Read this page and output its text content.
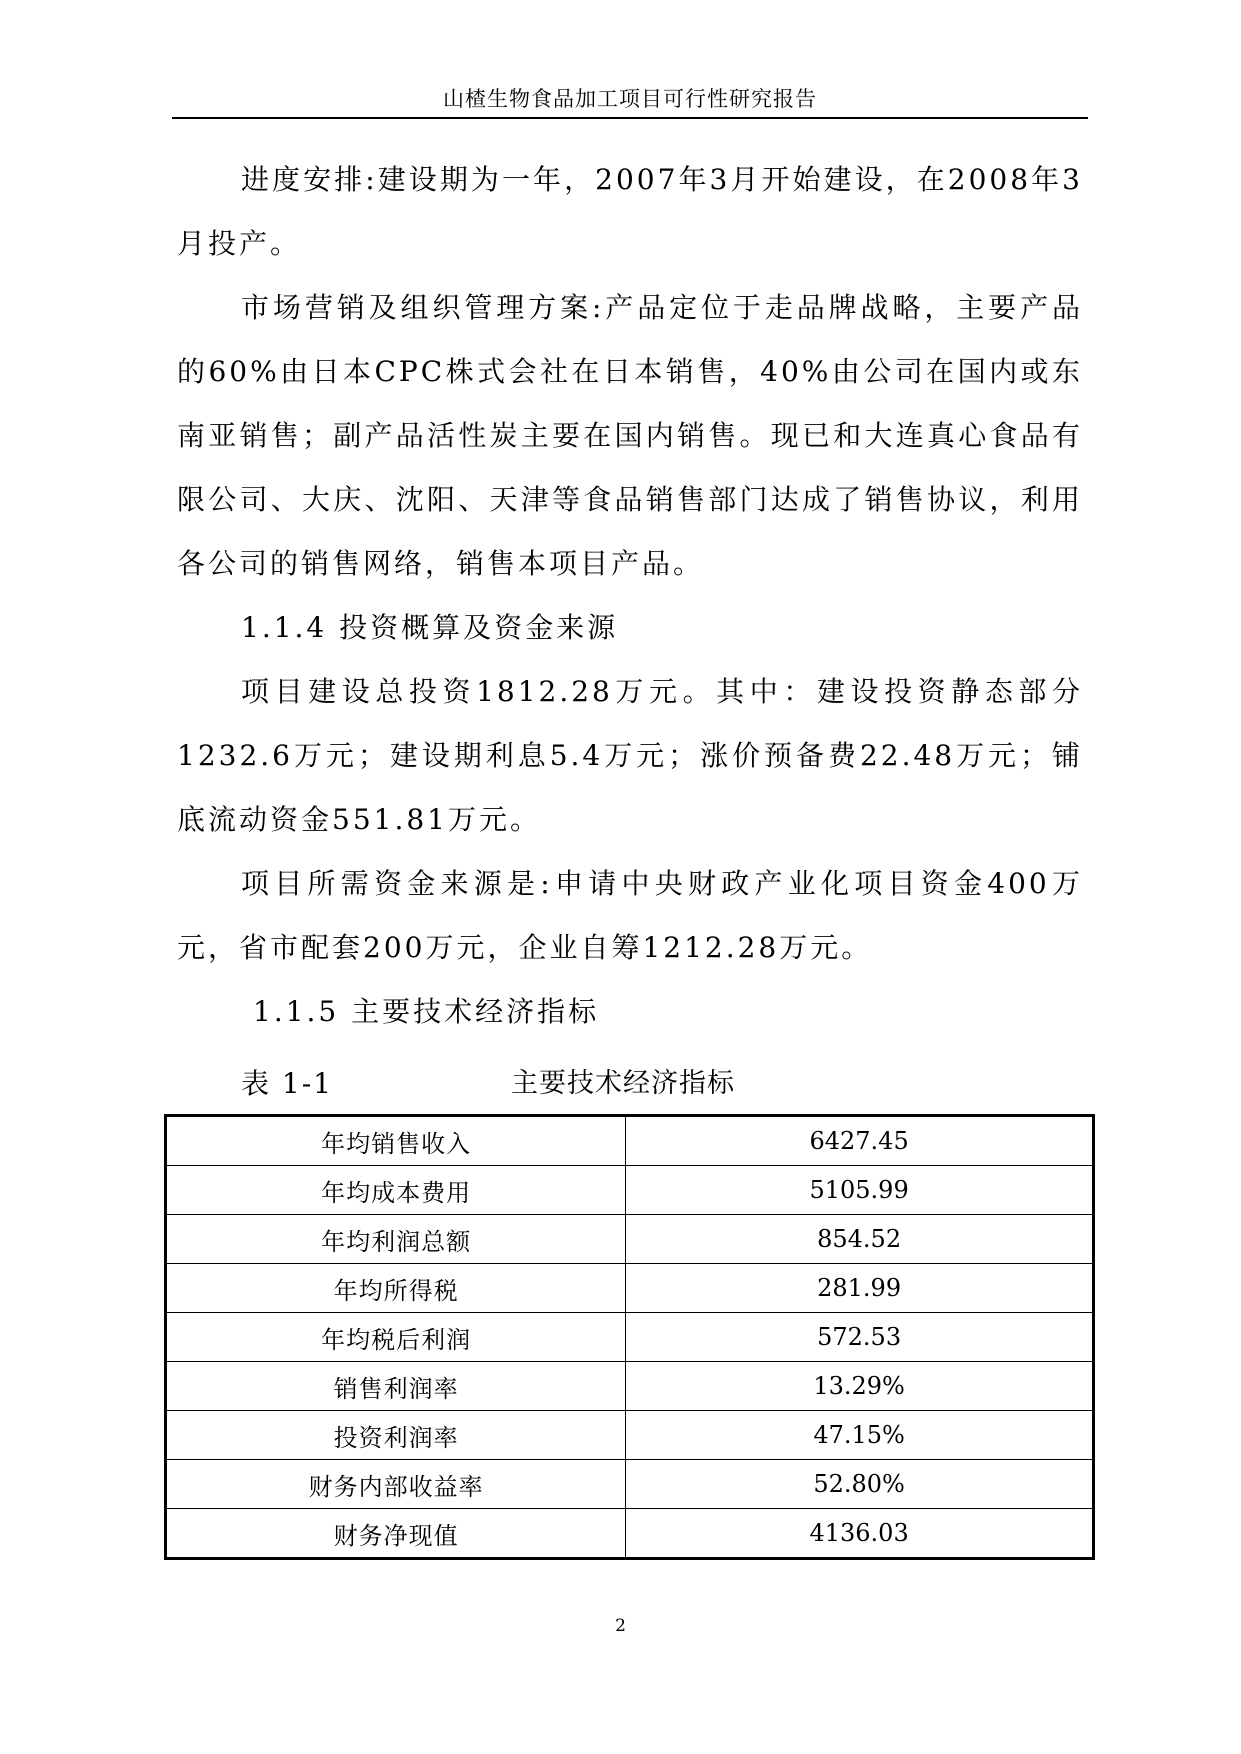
山楂生物食品加工项目可行性研究报告

进度安排:建设期为一年，2007年3月开始建设，在2008年3月投产。

市场营销及组织管理方案:产品定位于走品牌战略，主要产品的60%由日本CPC株式会社在日本销售，40%由公司在国内或东南亚销售；副产品活性炭主要在国内销售。现已和大连真心食品有限公司、大庆、沈阳、天津等食品销售部门达成了销售协议，利用各公司的销售网络，销售本项目产品。

1.1.4 投资概算及资金来源

项目建设总投资1812.28万元。其中：建设投资静态部分1232.6万元；建设期利息5.4万元；涨价预备费22.48万元；铺底流动资金551.81万元。

项目所需资金来源是:申请中央财政产业化项目资金400万元，省市配套200万元，企业自筹1212.28万元。

1.1.5 主要技术经济指标

表 1-1	主要技术经济指标
年均销售收入	6427.45
年均成本费用	5105.99
年均利润总额	854.52
年均所得税	281.99
年均税后利润	572.53
销售利润率	13.29%
投资利润率	47.15%
财务内部收益率	52.80%
财务净现值	4136.03
2
